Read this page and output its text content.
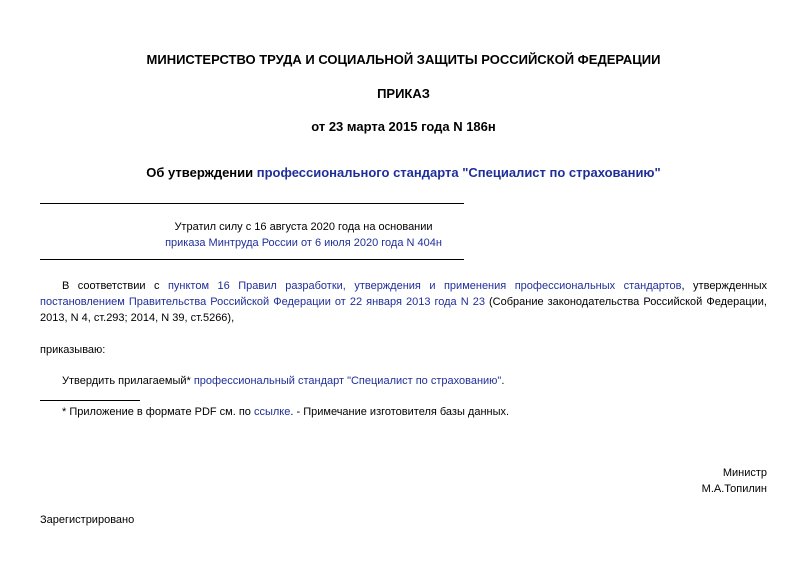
МИНИСТЕРСТВО ТРУДА И СОЦИАЛЬНОЙ ЗАЩИТЫ РОССИЙСКОЙ ФЕДЕРАЦИИ
ПРИКАЗ
от 23 марта 2015 года N 186н
Об утверждении профессионального стандарта "Специалист по страхованию"
Утратил силу с 16 августа 2020 года на основании
приказа Минтруда России от 6 июля 2020 года N 404н
В соответствии с пунктом 16 Правил разработки, утверждения и применения профессиональных стандартов, утвержденных постановлением Правительства Российской Федерации от 22 января 2013 года N 23 (Собрание законодательства Российской Федерации, 2013, N 4, ст.293; 2014, N 39, ст.5266),
приказываю:
Утвердить прилагаемый* профессиональный стандарт "Специалист по страхованию".
* Приложение в формате PDF см. по ссылке. - Примечание изготовителя базы данных.
Министр
М.А.Топилин
Зарегистрировано
